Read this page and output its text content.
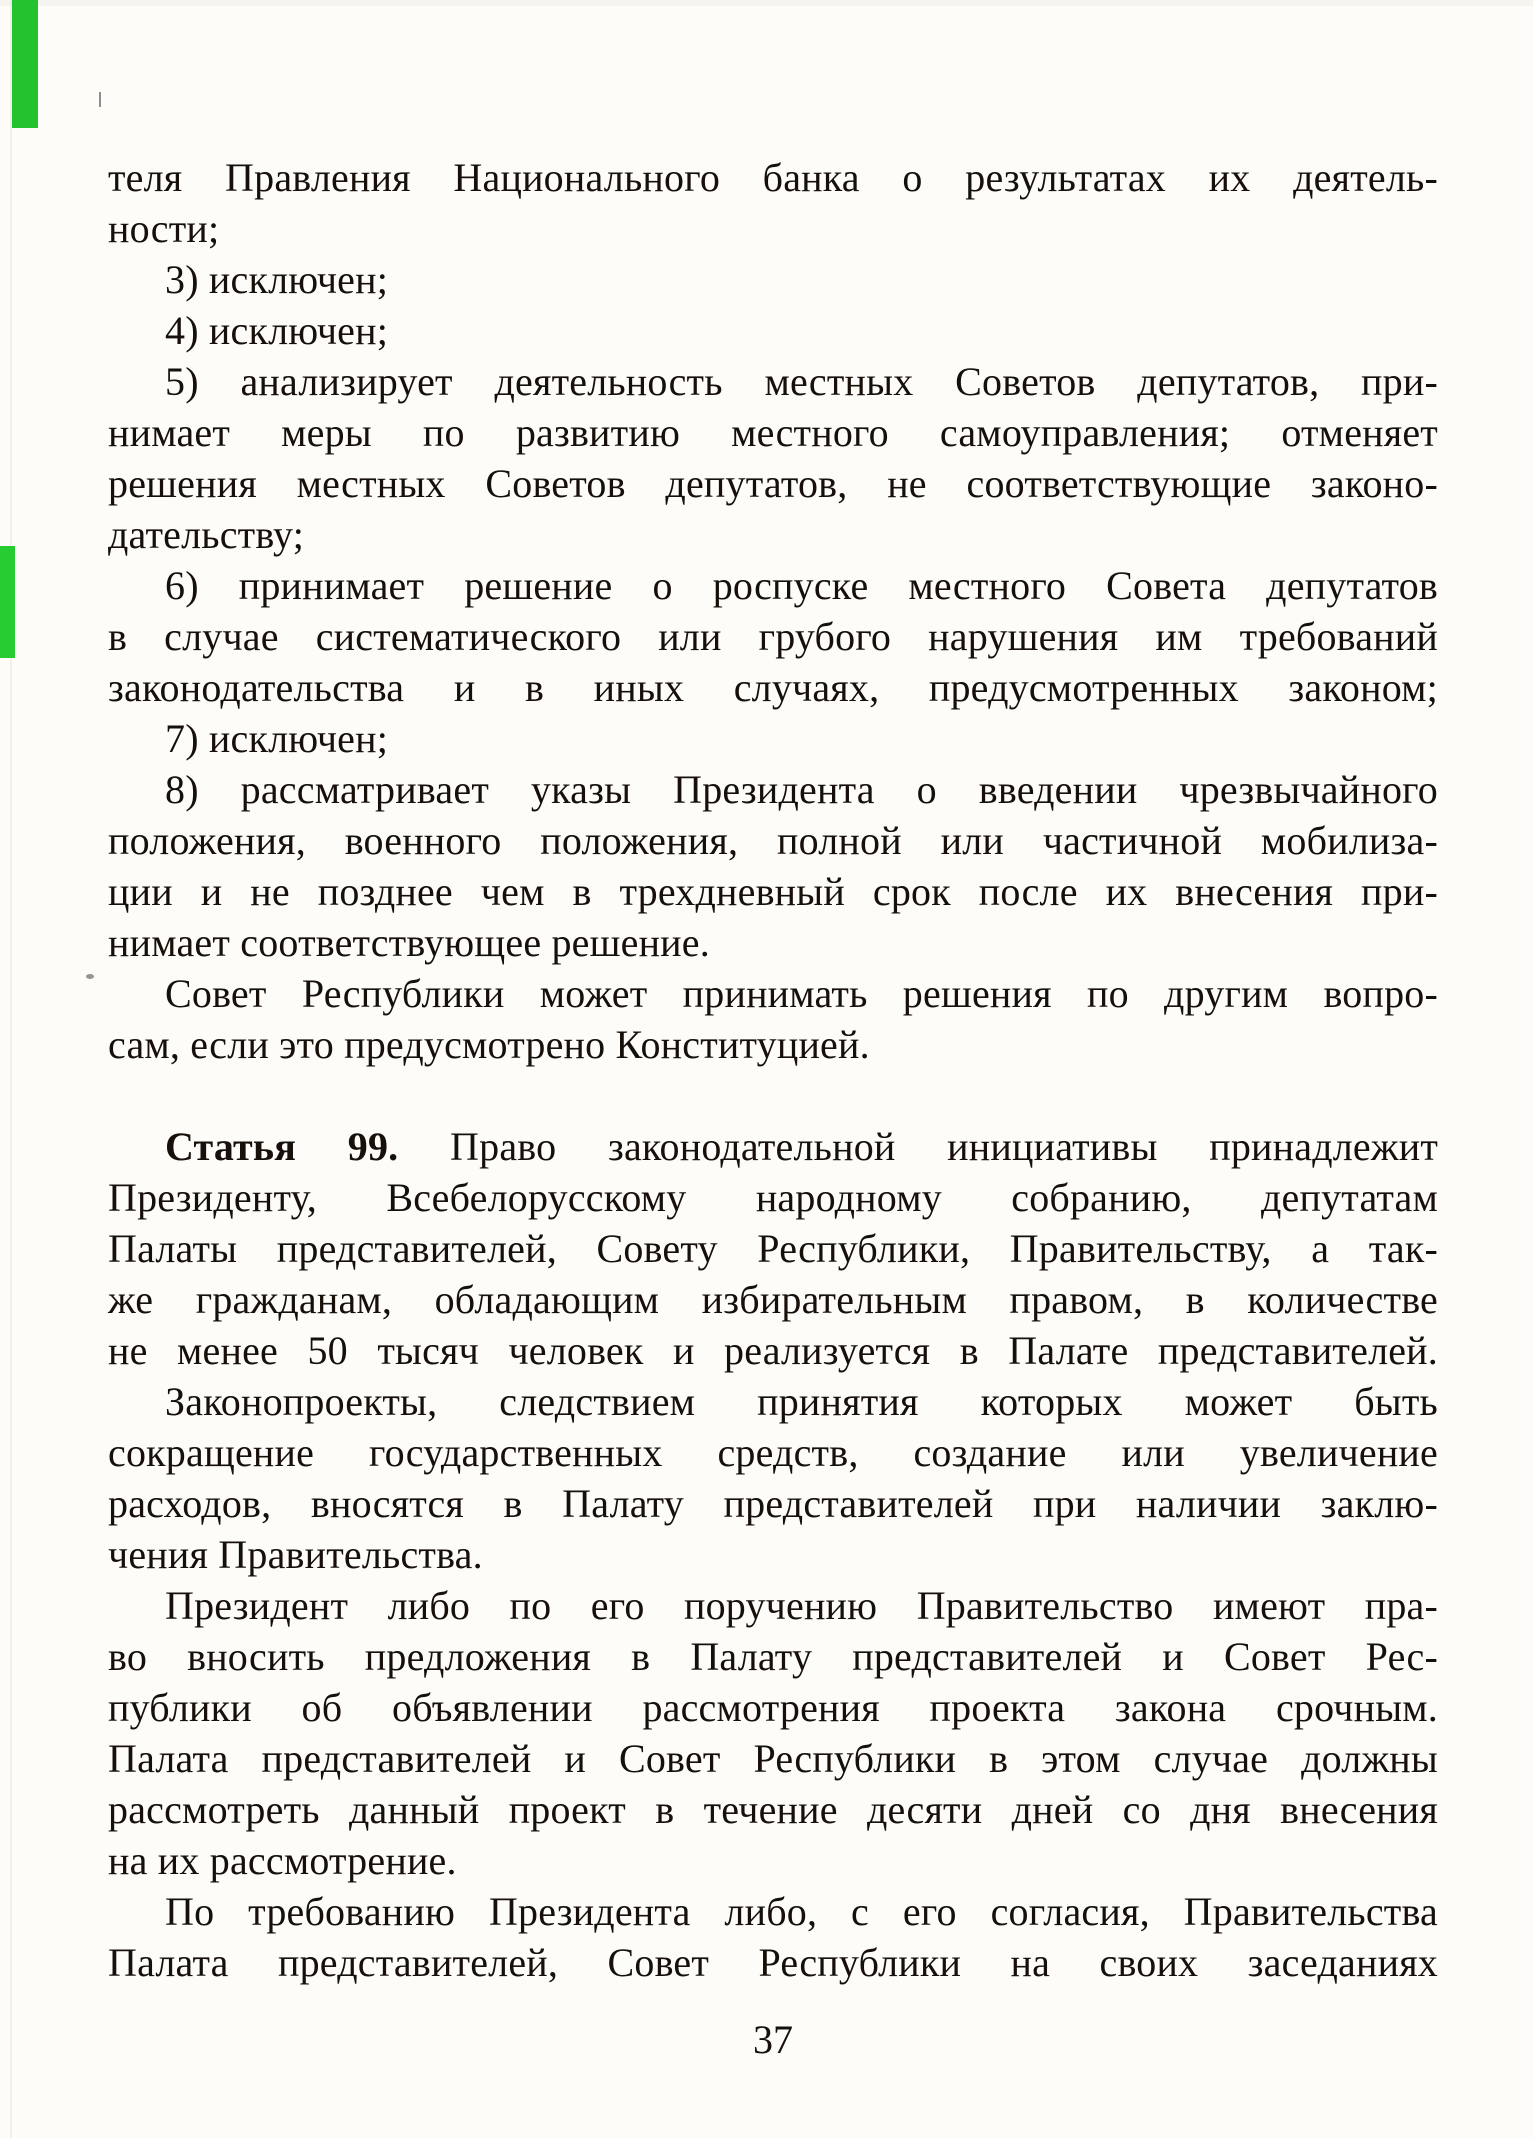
теля Правления Национального банка о результатах их деятель-
ности;
3) исключен;
4) исключен;
5) анализирует деятельность местных Советов депутатов, при-
нимает меры по развитию местного самоуправления; отменяет
решения местных Советов депутатов, не соответствующие законо-
дательству;
6) принимает решение о роспуске местного Совета депутатов
в случае систематического или грубого нарушения им требований
законодательства и в иных случаях, предусмотренных законом;
7) исключен;
8) рассматривает указы Президента о введении чрезвычайного
положения, военного положения, полной или частичной мобилиза-
ции и не позднее чем в трехдневный срок после их внесения при-
нимает соответствующее решение.
Совет Республики может принимать решения по другим вопро-
сам, если это предусмотрено Конституцией.
Статья 99. Право законодательной инициативы принадлежит
Президенту, Всебелорусскому народному собранию, депутатам
Палаты представителей, Совету Республики, Правительству, а так-
же гражданам, обладающим избирательным правом, в количестве
не менее 50 тысяч человек и реализуется в Палате представителей.
Законопроекты, следствием принятия которых может быть
сокращение государственных средств, создание или увеличение
расходов, вносятся в Палату представителей при наличии заклю-
чения Правительства.
Президент либо по его поручению Правительство имеют пра-
во вносить предложения в Палату представителей и Совет Рес-
публики об объявлении рассмотрения проекта закона срочным.
Палата представителей и Совет Республики в этом случае должны
рассмотреть данный проект в течение десяти дней со дня внесения
на их рассмотрение.
По требованию Президента либо, с его согласия, Правительства
Палата представителей, Совет Республики на своих заседаниях
37
